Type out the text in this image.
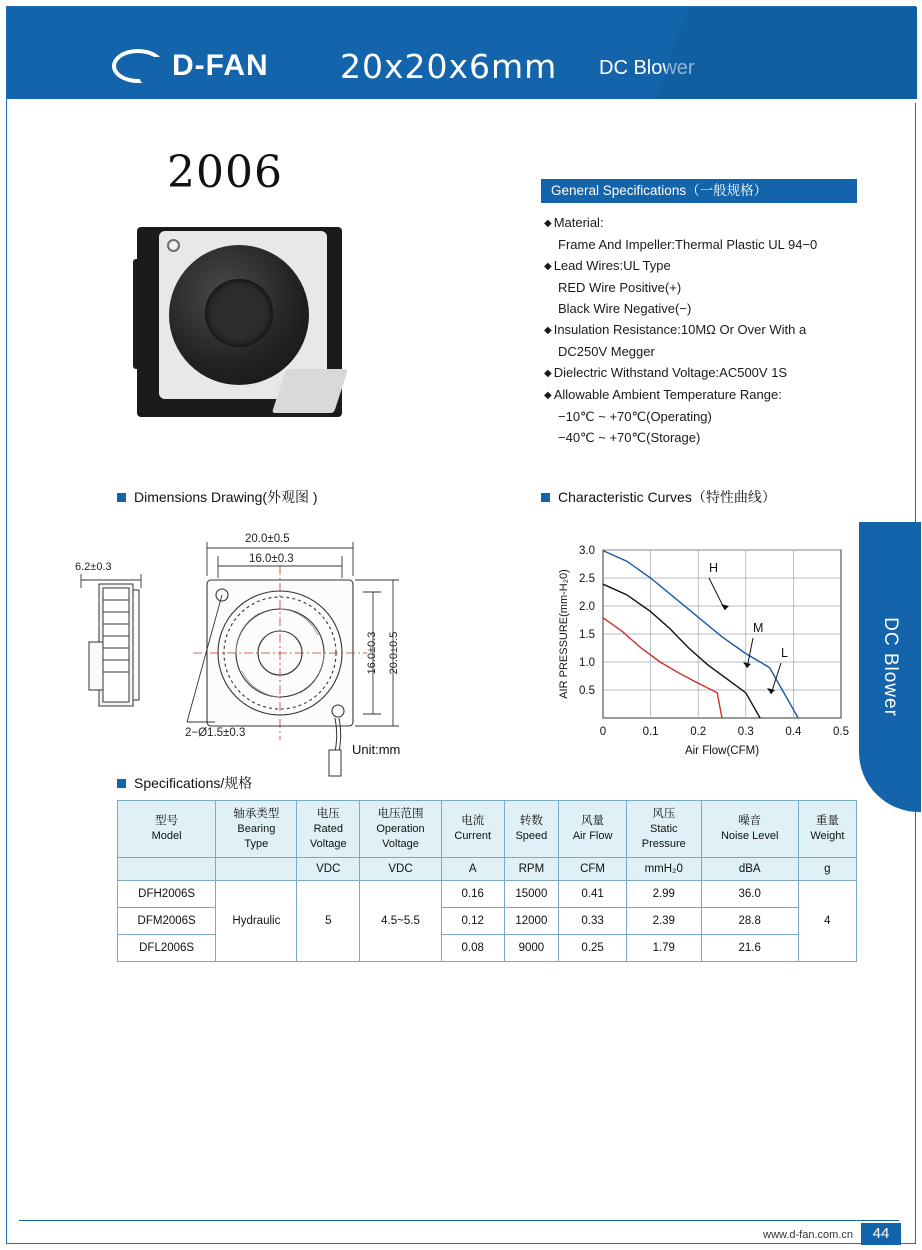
D-FAN 20x20x6mm DC Blower
DC Blower
2006	General Specifications（一般规格）
◆ Material:
Frame And Impeller:Thermal Plastic UL 94−0
◆ Lead Wires:UL Type
RED Wire Positive(+)
Black Wire Negative(−)
◆ Insulation Resistance:10MΩ Or Over With a
DC250V Megger
◆ Dielectric Withstand Voltage:AC500V 1S
◆ Allowable Ambient Temperature Range:
−10℃ ~ +70℃(Operating)
−40℃ ~ +70℃(Storage)
Dimensions Drawing(外观图 )	Characteristic Curves（特性曲线）
Specifications/规格
6.2±0.3
20.0±0.5
16.0±0.3
16.0±0.3 20.0±0.5
2−Ø1.5±0.3
Unit:mm
0	0.1	0.2	0.3	0.4	0.5
0.5
1.0
1.5
2.0
2.5
3.0
H
M
L
Air Flow(CFM)
AIR PRESSURE(mm-H₂0)
型号
Model

轴承类型
Bearing
Type

电压
Rated
Voltage

电压范围
Operation
Voltage

电流
Current

转数
Speed

风量
Air Flow

风压
Static
Pressure

噪音
Noise Level

重量
Weight

		VDC	VDC	A	RPM	CFM	mmH₂0	dBA	g
DFH2006S	Hydraulic	5	4.5~5.5	0.16	15000	0.41	2.99	36.0	4
DFM2006S				0.12	12000	0.33	2.39	28.8	
DFL2006S				0.08	9000	0.25	1.79	21.6	
www.d-fan.com.cn	44
